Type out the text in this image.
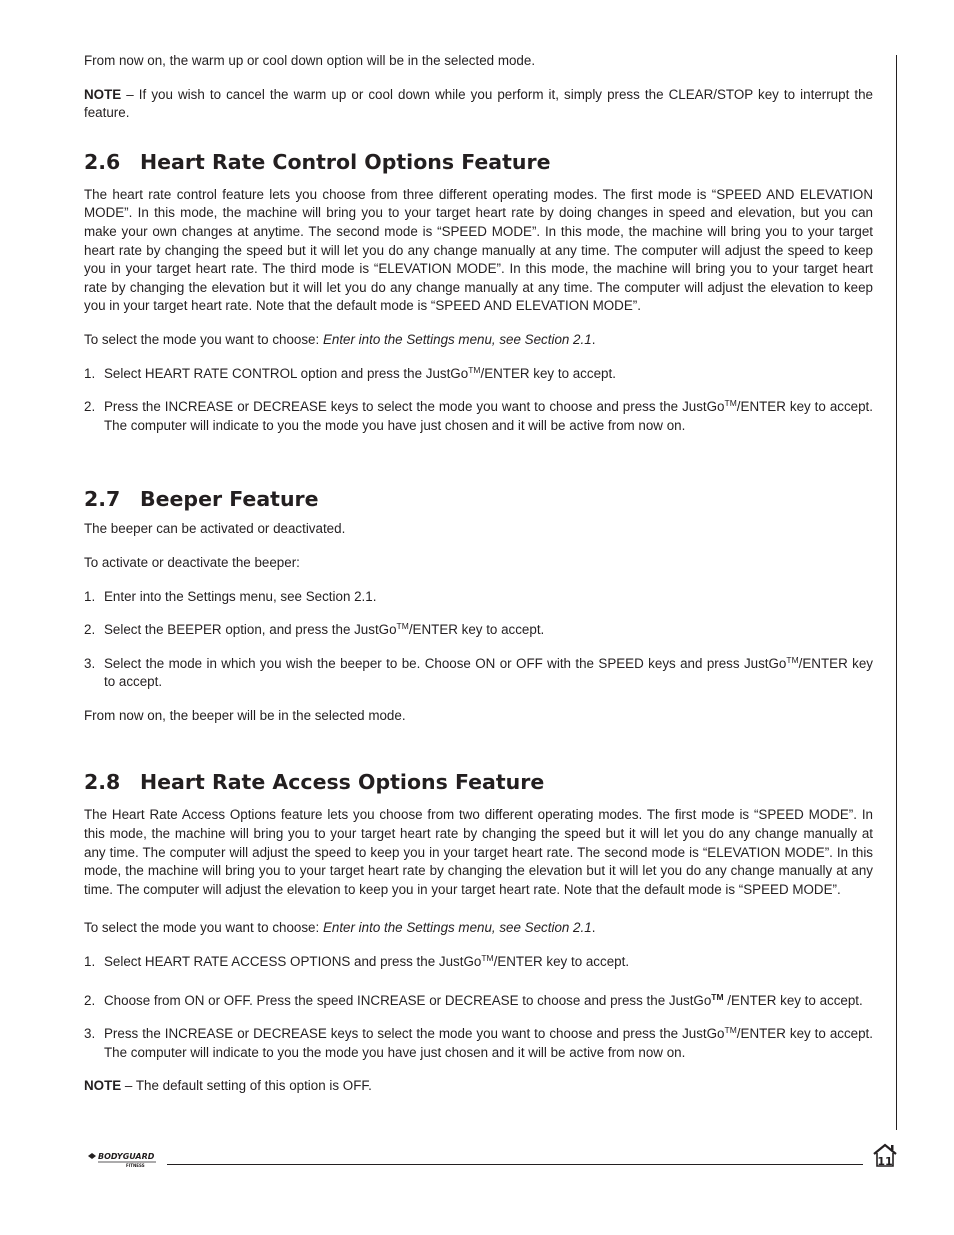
From now on, the warm up or cool down option will be in the selected mode.

NOTE – If you wish to cancel the warm up or cool down while you perform it, simply press the CLEAR/STOP key to interrupt the feature.

2.6 Heart Rate Control Options Feature

The heart rate control feature lets you choose from three different operating modes. The first mode is “SPEED AND ELEVATION MODE”. In this mode, the machine will bring you to your target heart rate by doing changes in speed and elevation, but you can make your own changes at anytime. The second mode is “SPEED MODE”. In this mode, the machine will bring you to your target heart rate by changing the speed but it will let you do any change manually at any time. The computer will adjust the speed to keep you in your target heart rate. The third mode is “ELEVATION MODE”. In this mode, the machine will bring you to your target heart rate by changing the elevation but it will let you do any change manually at any time. The computer will adjust the elevation to keep you in your target heart rate. Note that the default mode is “SPEED AND ELEVATION MODE”.

To select the mode you want to choose: Enter into the Settings menu, see Section 2.1.

1. Select HEART RATE CONTROL option and press the JustGo™/ENTER key to accept.
2. Press the INCREASE or DECREASE keys to select the mode you want to choose and press the JustGo™/ENTER key to accept. The computer will indicate to you the mode you have just chosen and it will be active from now on.
2.7 Beeper Feature

The beeper can be activated or deactivated.

To activate or deactivate the beeper:

1. Enter into the Settings menu, see Section 2.1.
2. Select the BEEPER option, and press the JustGo™/ENTER key to accept.
3. Select the mode in which you wish the beeper to be. Choose ON or OFF with the SPEED keys and press JustGo™/ENTER key to accept.

From now on, the beeper will be in the selected mode.

2.8 Heart Rate Access Options Feature

The Heart Rate Access Options feature lets you choose from two different operating modes. The first mode is “SPEED MODE”. In this mode, the machine will bring you to your target heart rate by changing the speed but it will let you do any change manually at any time. The computer will adjust the speed to keep you in your target heart rate. The second mode is “ELEVATION MODE”. In this mode, the machine will bring you to your target heart rate by changing the elevation but it will let you do any change manually at any time. The computer will adjust the elevation to keep you in your target heart rate. Note that the default mode is “SPEED MODE”.

To select the mode you want to choose: Enter into the Settings menu, see Section 2.1.

1. Select HEART RATE ACCESS OPTIONS and press the JustGo™/ENTER key to accept.
2. Choose from ON or OFF. Press the speed INCREASE or DECREASE to choose and press the JustGo™ /ENTER key to accept.
3. Press the INCREASE or DECREASE keys to select the mode you want to choose and press the JustGo™/ENTER key to accept. The computer will indicate to you the mode you have just chosen and it will be active from now on.

NOTE – The default setting of this option is OFF.

BODYGUARD
FITNESS	11
